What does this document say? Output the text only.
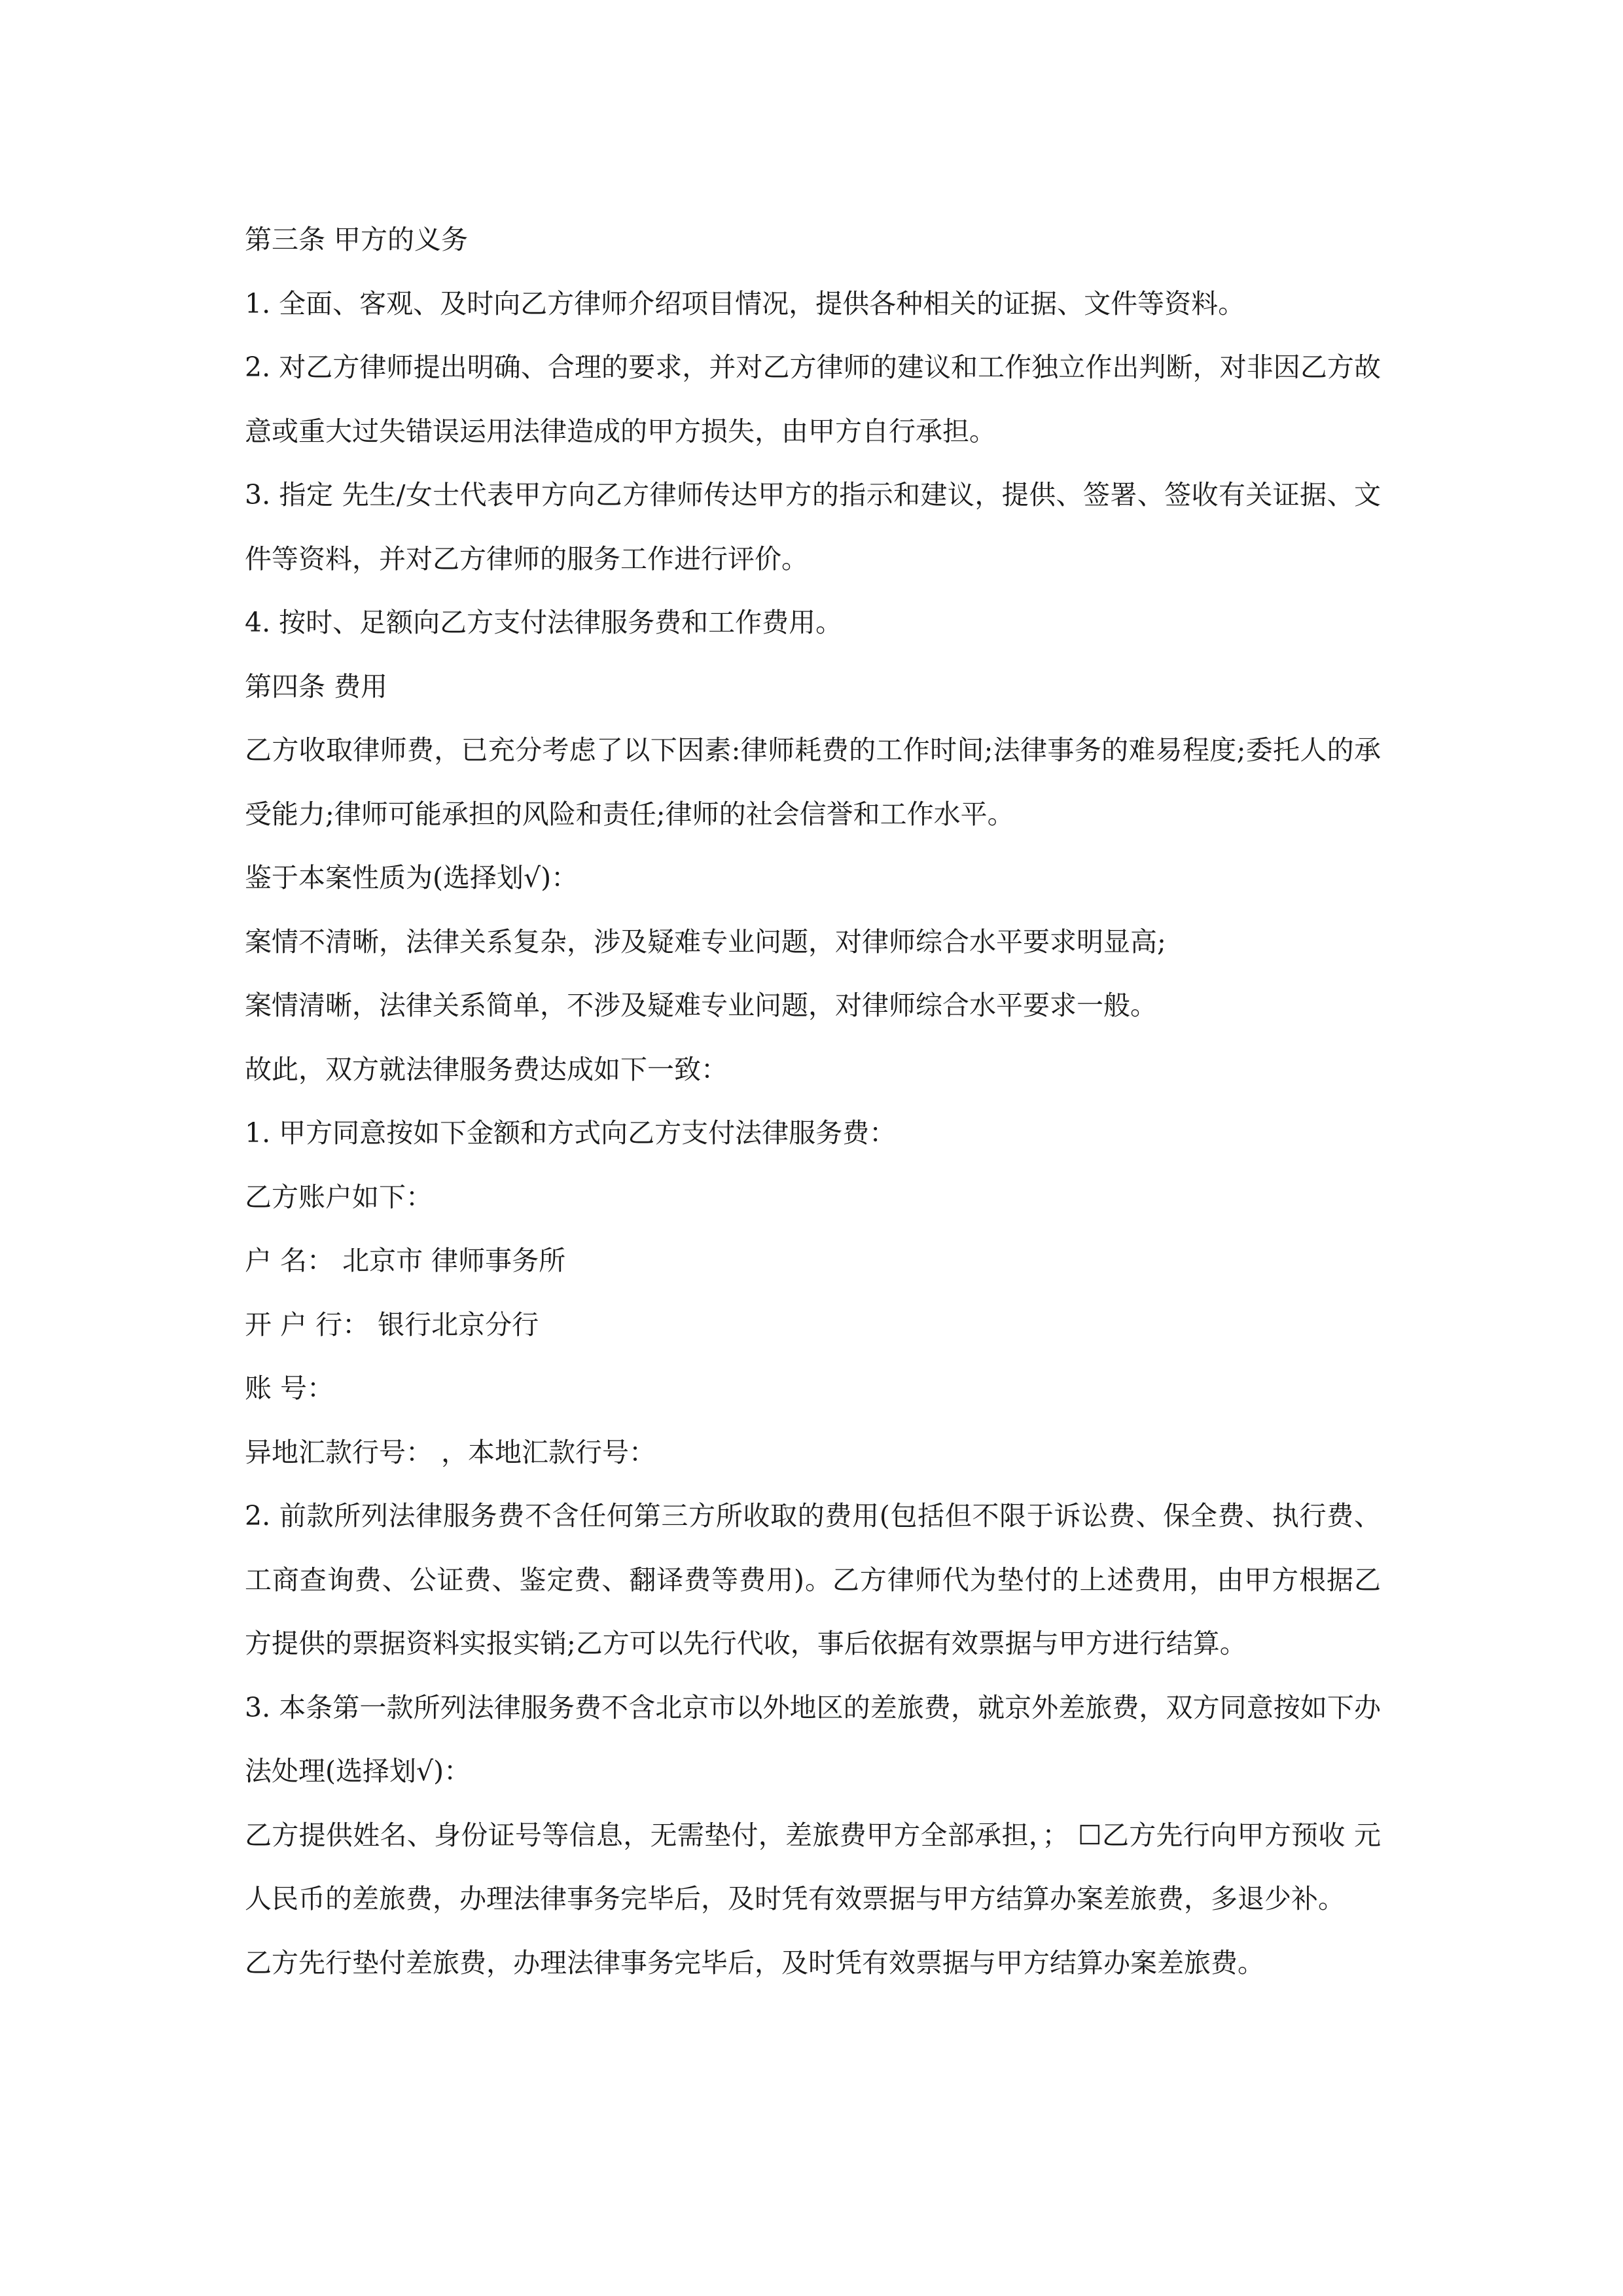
第三条 甲方的义务

1. 全面、客观、及时向乙方律师介绍项目情况，提供各种相关的证据、文件等资料。

2. 对乙方律师提出明确、合理的要求，并对乙方律师的建议和工作独立作出判断，对非因乙方故意或重大过失错误运用法律造成的甲方损失，由甲方自行承担。

3. 指定 先生/女士代表甲方向乙方律师传达甲方的指示和建议，提供、签署、签收有关证据、文件等资料，并对乙方律师的服务工作进行评价。

4. 按时、足额向乙方支付法律服务费和工作费用。

第四条 费用

乙方收取律师费，已充分考虑了以下因素:律师耗费的工作时间;法律事务的难易程度;委托人的承受能力;律师可能承担的风险和责任;律师的社会信誉和工作水平。

鉴于本案性质为(选择划√)：

案情不清晰，法律关系复杂，涉及疑难专业问题，对律师综合水平要求明显高;

案情清晰，法律关系简单，不涉及疑难专业问题，对律师综合水平要求一般。

故此，双方就法律服务费达成如下一致：

1. 甲方同意按如下金额和方式向乙方支付法律服务费：

乙方账户如下：

户 名： 北京市 律师事务所

开 户 行： 银行北京分行

账 号：

异地汇款行号： ，本地汇款行号：

2. 前款所列法律服务费不含任何第三方所收取的费用(包括但不限于诉讼费、保全费、执行费、工商查询费、公证费、鉴定费、翻译费等费用)。乙方律师代为垫付的上述费用，由甲方根据乙方提供的票据资料实报实销;乙方可以先行代收，事后依据有效票据与甲方进行结算。

3. 本条第一款所列法律服务费不含北京市以外地区的差旅费，就京外差旅费，双方同意按如下办法处理(选择划√)：

乙方提供姓名、身份证号等信息，无需垫付，差旅费甲方全部承担，； ☐乙方先行向甲方预收 元人民币的差旅费，办理法律事务完毕后，及时凭有效票据与甲方结算办案差旅费，多退少补。

乙方先行垫付差旅费，办理法律事务完毕后，及时凭有效票据与甲方结算办案差旅费。
